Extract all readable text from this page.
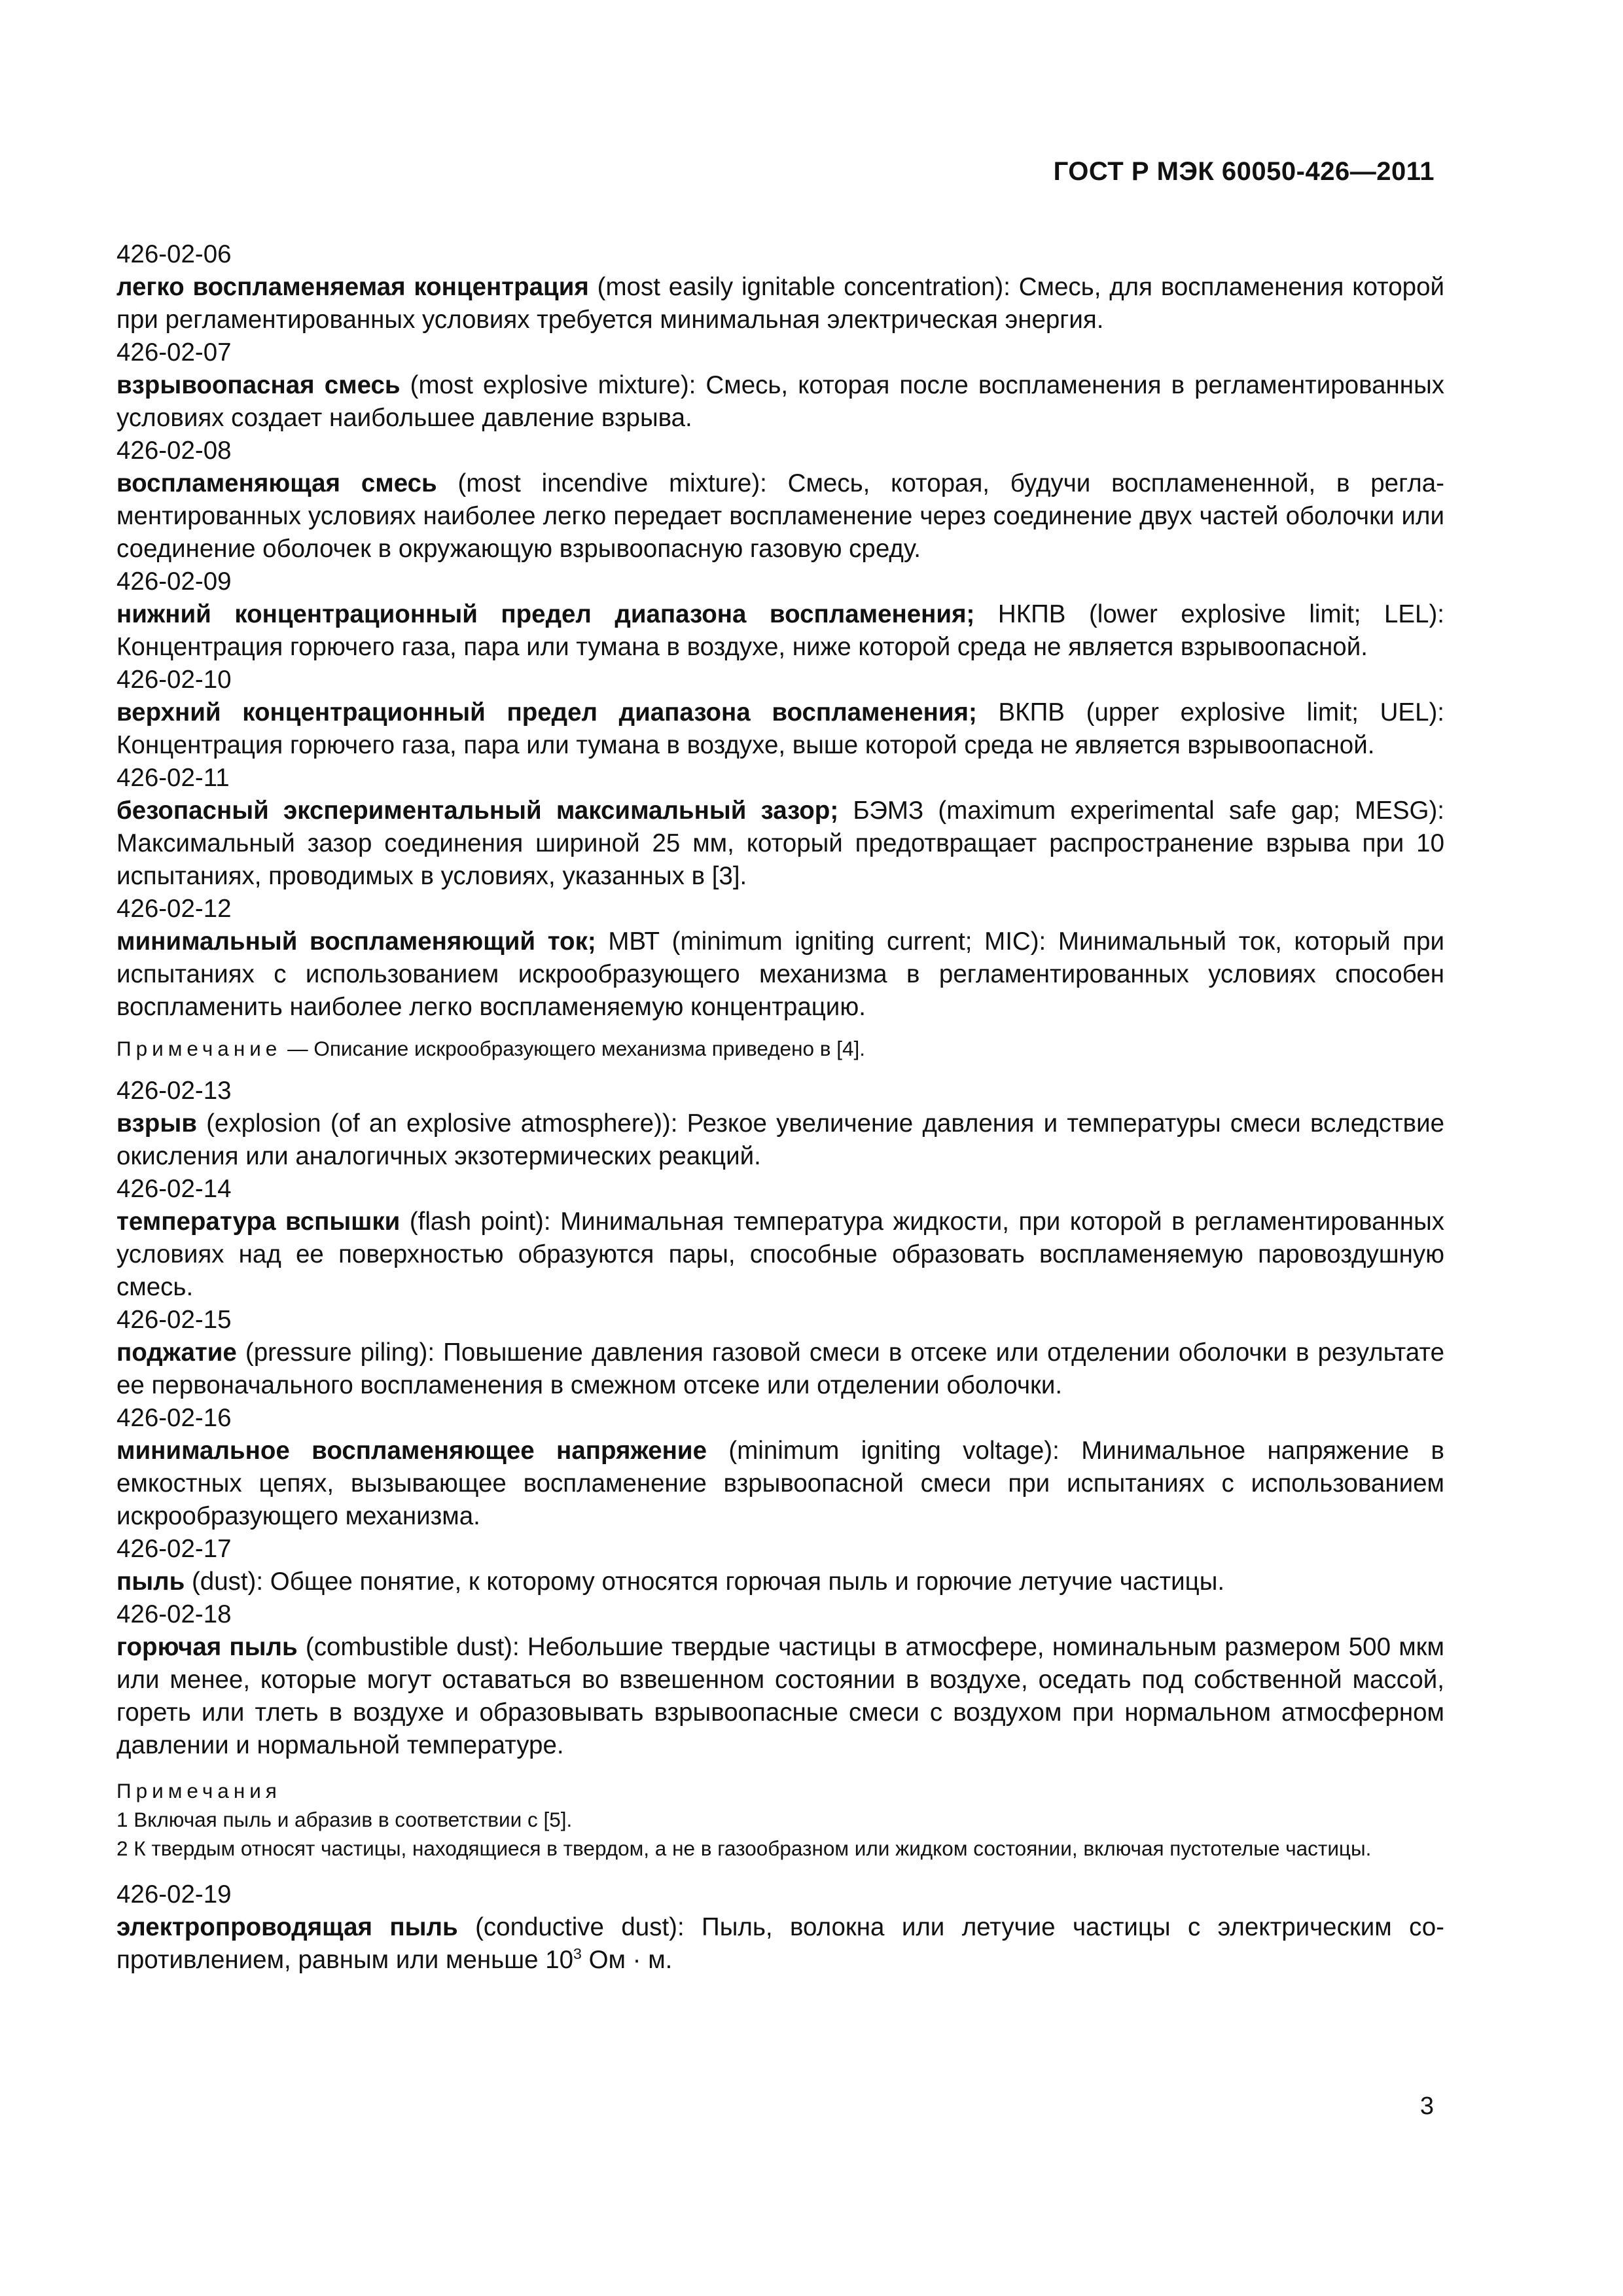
ГОСТ Р МЭК 60050-426—2011
426-02-06
легко воспламеняемая концентрация (most easily ignitable concentration): Смесь, для воспламенения которой при регламентированных условиях требуется минимальная электрическая энергия.
426-02-07
взрывоопасная смесь (most explosive mixture): Смесь, которая после воспламенения в регламентированных условиях создает наибольшее давление взрыва.
426-02-08
воспламеняющая смесь (most incendive mixture): Смесь, которая, будучи воспламененной, в регламентированных условиях наиболее легко передает воспламенение через соединение двух частей оболочки или соединение оболочек в окружающую взрывоопасную газовую среду.
426-02-09
нижний концентрационный предел диапазона воспламенения; НКПВ (lower explosive limit; LEL): Концентрация горючего газа, пара или тумана в воздухе, ниже которой среда не является взрывоопасной.
426-02-10
верхний концентрационный предел диапазона воспламенения; ВКПВ (upper explosive limit; UEL): Концентрация горючего газа, пара или тумана в воздухе, выше которой среда не является взрывоопасной.
426-02-11
безопасный экспериментальный максимальный зазор; БЭМЗ (maximum experimental safe gap; MESG): Максимальный зазор соединения шириной 25 мм, который предотвращает распространение взрыва при 10 испытаниях, проводимых в условиях, указанных в [3].
426-02-12
минимальный воспламеняющий ток; МВТ (minimum igniting current; MIC): Минимальный ток, который при испытаниях с использованием искрообразующего механизма в регламентированных условиях способен воспламенить наиболее легко воспламеняемую концентрацию.
Примечание — Описание искрообразующего механизма приведено в [4].
426-02-13
взрыв (explosion (of an explosive atmosphere)): Резкое увеличение давления и температуры смеси вследствие окисления или аналогичных экзотермических реакций.
426-02-14
температура вспышки (flash point): Минимальная температура жидкости, при которой в регламентированных условиях над ее поверхностью образуются пары, способные образовать воспламеняемую паровоздушную смесь.
426-02-15
поджатие (pressure piling): Повышение давления газовой смеси в отсеке или отделении оболочки в результате ее первоначального воспламенения в смежном отсеке или отделении оболочки.
426-02-16
минимальное воспламеняющее напряжение (minimum igniting voltage): Минимальное напряжение в емкостных цепях, вызывающее воспламенение взрывоопасной смеси при испытаниях с использованием искрообразующего механизма.
426-02-17
пыль (dust): Общее понятие, к которому относятся горючая пыль и горючие летучие частицы.
426-02-18
горючая пыль (combustible dust): Небольшие твердые частицы в атмосфере, номинальным размером 500 мкм или менее, которые могут оставаться во взвешенном состоянии в воздухе, оседать под собственной массой, гореть или тлеть в воздухе и образовывать взрывоопасные смеси с воздухом при нормальном атмосферном давлении и нормальной температуре.
Примечания
1 Включая пыль и абразив в соответствии с [5].
2 К твердым относят частицы, находящиеся в твердом, а не в газообразном или жидком состоянии, включая пустотелые частицы.
426-02-19
электропроводящая пыль (conductive dust): Пыль, волокна или летучие частицы с электрическим сопротивлением, равным или меньше $10^3$ Ом · м.
3
